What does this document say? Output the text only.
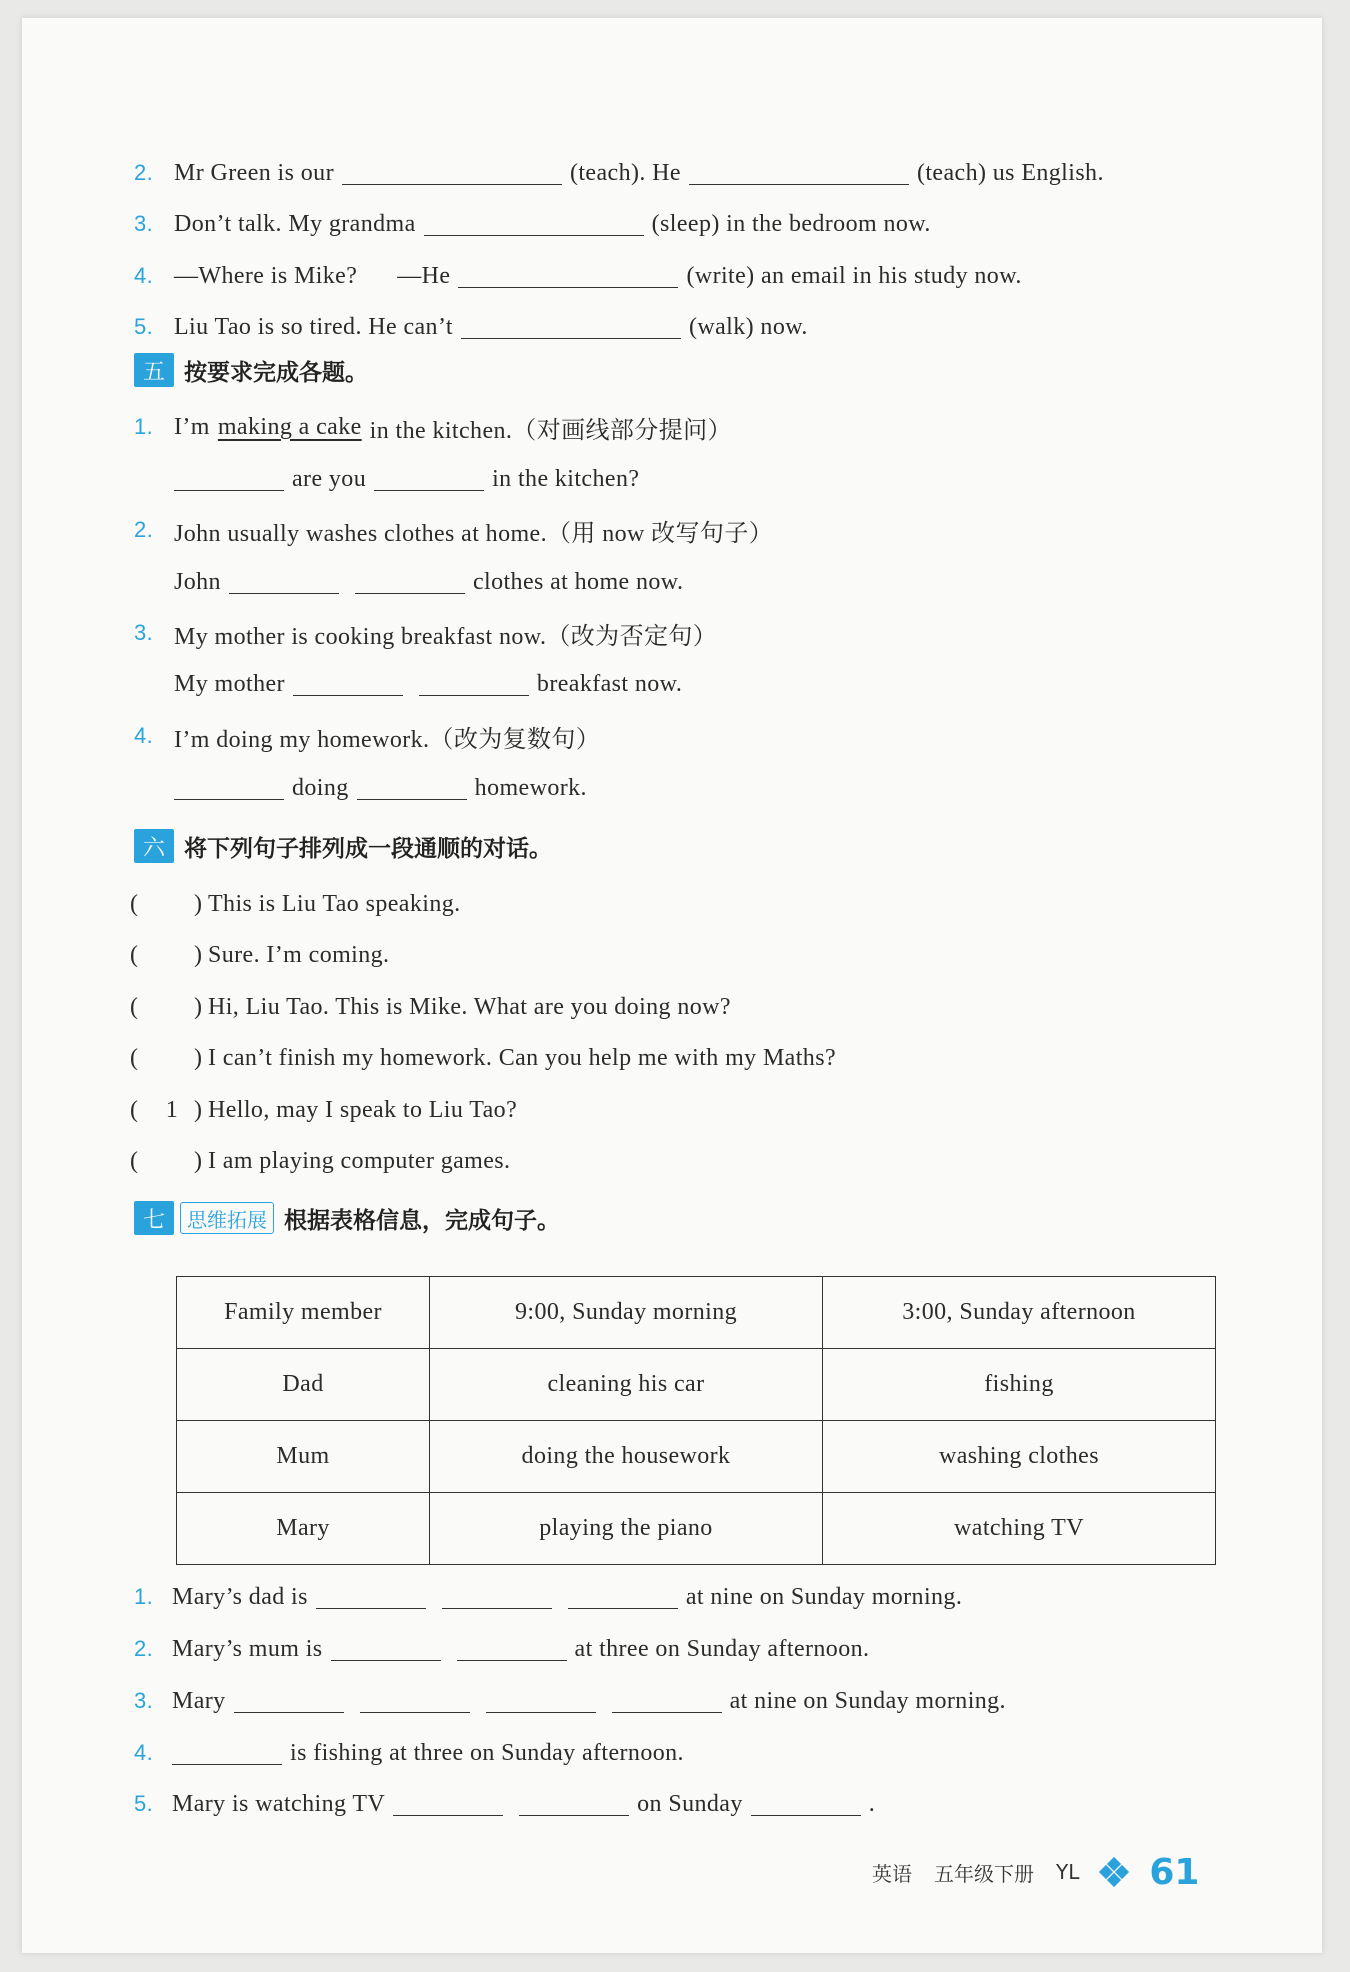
2. Mr Green is our	(teach). He	(teach) us English.
3. Don’t talk. My grandma	(sleep) in the bedroom now.
4. —Where is Mike? —He	(write) an email in his study now.
5. Liu Tao is so tired. He can’t	(walk) now.
五 按要求完成各题。
1. I’m making a cake in the kitchen.（对画线部分提问）
are you	in the kitchen?
2. John usually washes clothes at home.（用 now 改写句子）
John	clothes at home now.
3. My mother is cooking breakfast now.（改为否定句）
My mother	breakfast now.
4. I’m doing my homework.（改为复数句）
doing	homework.
六 将下列句子排列成一段通顺的对话。
(	) This is Liu Tao speaking.
(	) Sure. I’m coming.
(	) Hi, Liu Tao. This is Mike. What are you doing now?
(	) I can’t finish my homework. Can you help me with my Maths?
(	1 ) Hello, may I speak to Liu Tao?
(	) I am playing computer games.
七	思维拓展 根据表格信息，完成句子。
Family member	9:00, Sunday morning	3:00, Sunday afternoon
Dad	cleaning his car	fishing
Mum	doing the housework	washing clothes
Mary	playing the piano	watching TV
1. Mary’s dad is	at nine on Sunday morning.
2. Mary’s mum is	at three on Sunday afternoon.
3. Mary	at nine on Sunday morning.
4.	is fishing at three on Sunday afternoon.
5. Mary is watching TV	on Sunday	.
英语 五年级下册 YL 61
